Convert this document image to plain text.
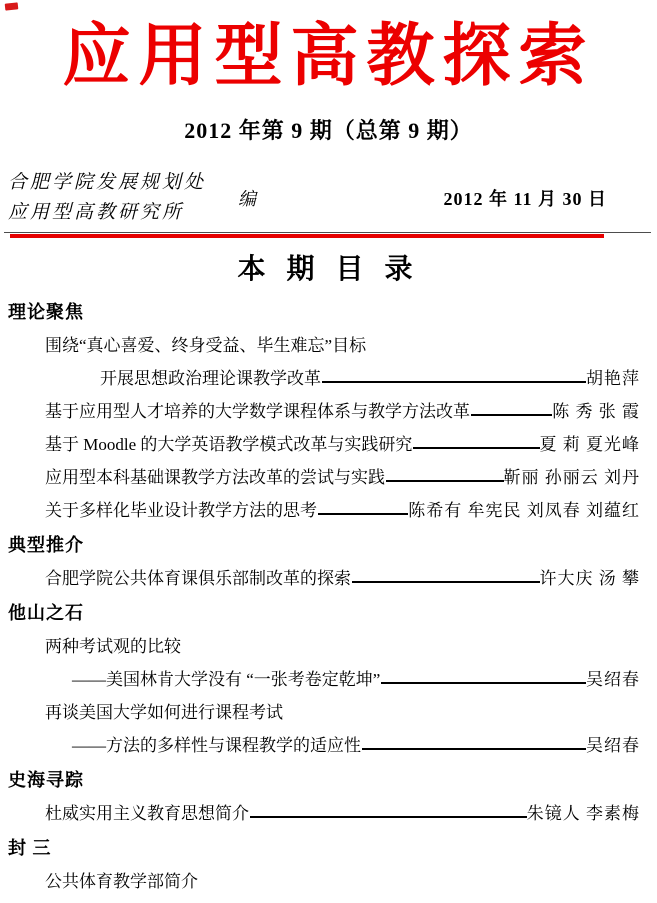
应用型高教探索
2012 年第 9 期（总第 9 期）
合肥学院发展规划处
应用型高教研究所
编	2012 年 11 月 30 日
本 期 目 录
理论聚焦
围绕“真心喜爱、终身受益、毕生难忘”目标
开展思想政治理论课教学改革	胡艳萍
基于应用型人才培养的大学数学课程体系与教学方法改革	陈 秀 张 霞
基于 Moodle 的大学英语教学模式改革与实践研究	夏 莉 夏光峰
应用型本科基础课教学方法改革的尝试与实践	靳丽 孙丽云 刘丹
关于多样化毕业设计教学方法的思考	陈希有 牟宪民 刘凤春 刘蕴红
典型推介
合肥学院公共体育课俱乐部制改革的探索	许大庆 汤 攀
他山之石
两种考试观的比较
——美国林肯大学没有 “一张考卷定乾坤”	吴绍春
再谈美国大学如何进行课程考试
——方法的多样性与课程教学的适应性	吴绍春
史海寻踪
杜威实用主义教育思想简介	朱镜人 李素梅
封 三
公共体育教学部简介
